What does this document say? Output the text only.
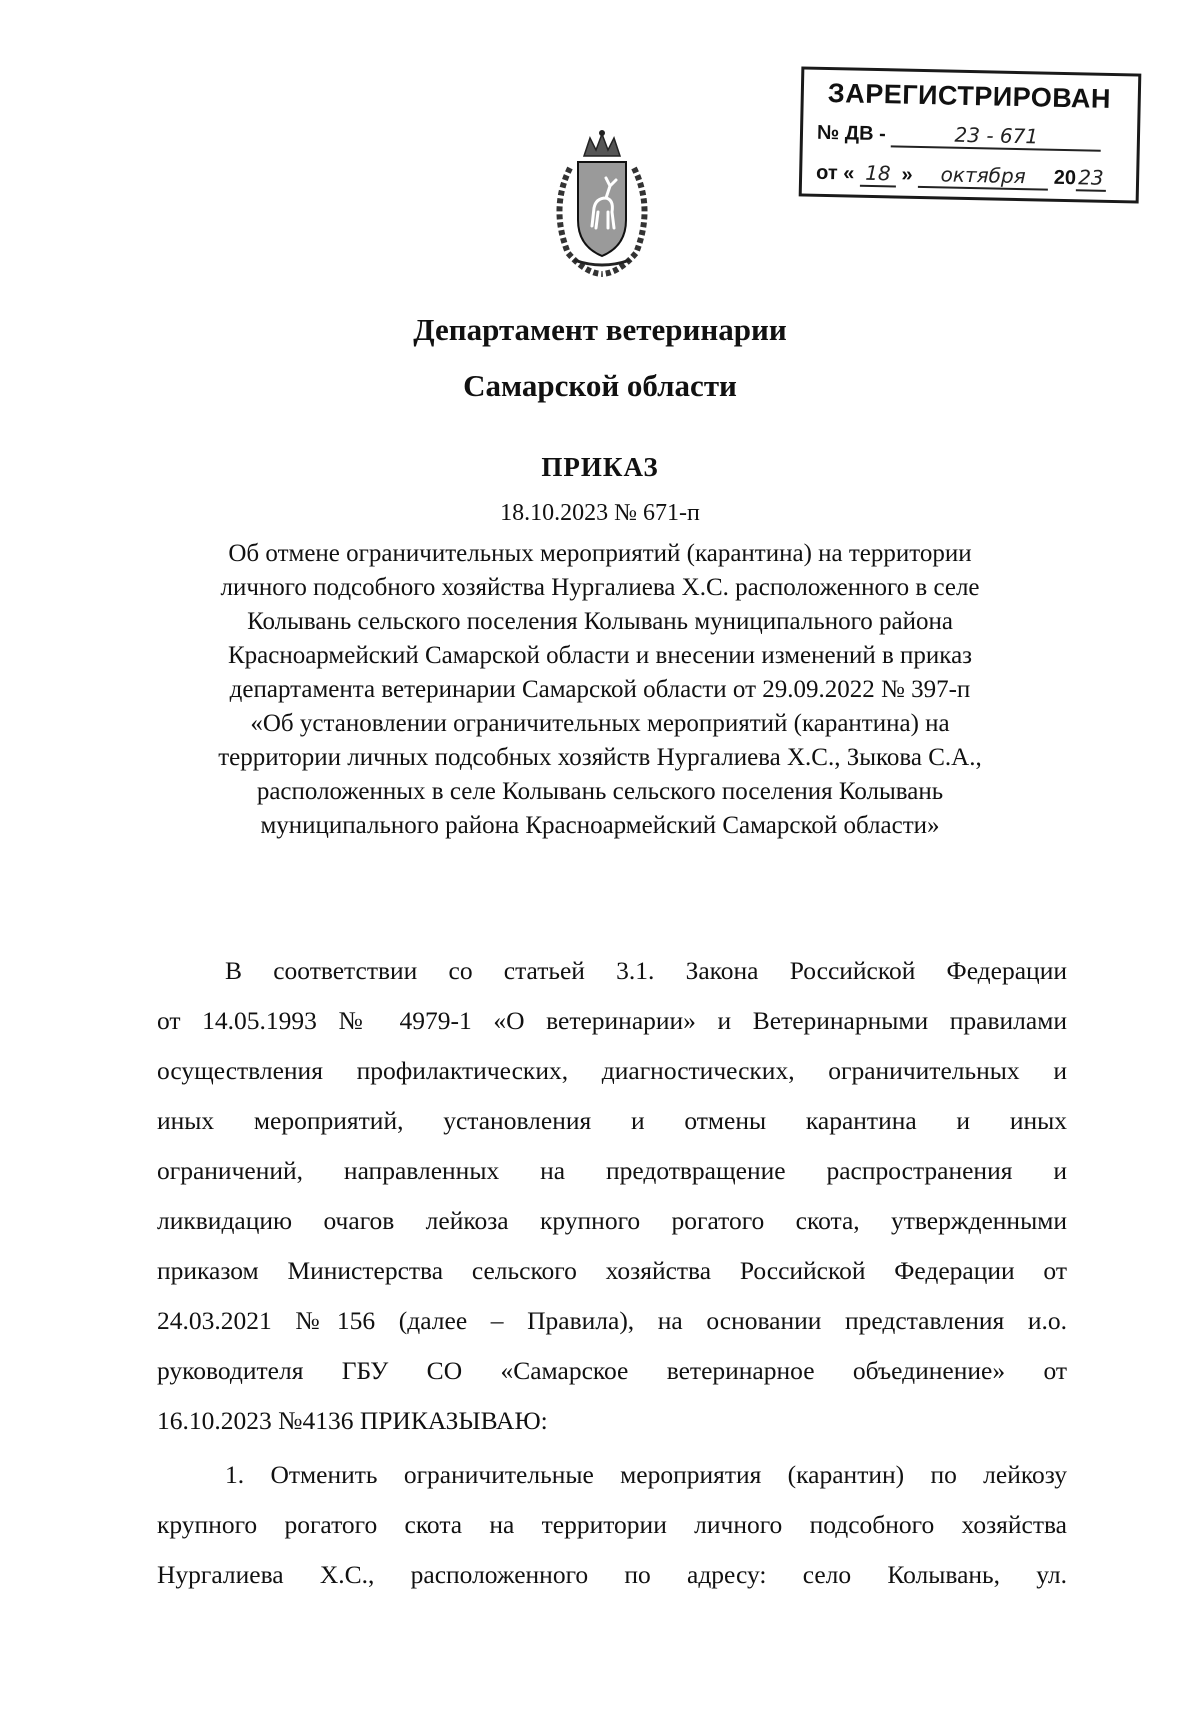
ЗАРЕГИСТРИРОВАН
№ ДВ -	23 - 671
от « 18 » октября 2023
Департамент ветеринарии
Самарской области
ПРИКАЗ
18.10.2023 № 671-п
Об отмене ограничительных мероприятий (карантина) на территории
личного подсобного хозяйства Нургалиева Х.С. расположенного в селе
Колывань сельского поселения Колывань муниципального района
Красноармейский Самарской области и внесении изменений в приказ
департамента ветеринарии Самарской области от 29.09.2022 № 397-п
«Об установлении ограничительных мероприятий (карантина) на
территории личных подсобных хозяйств Нургалиева Х.С., Зыкова С.А.,
расположенных в селе Колывань сельского поселения Колывань
муниципального района Красноармейский Самарской области»
В соответствии со статьей 3.1. Закона Российской Федерации
от 14.05.1993 № 4979-1 «О ветеринарии» и Ветеринарными правилами
осуществления профилактических, диагностических, ограничительных и
иных мероприятий, установления и отмены карантина и иных
ограничений, направленных на предотвращение распространения и
ликвидацию очагов лейкоза крупного рогатого скота, утвержденными
приказом Министерства сельского хозяйства Российской Федерации от
24.03.2021 №156 (далее – Правила), на основании представления и.о.
руководителя ГБУ СО «Самарское ветеринарное объединение» от
16.10.2023 №4136 ПРИКАЗЫВАЮ:
1. Отменить ограничительные мероприятия (карантин) по лейкозу
крупного рогатого скота на территории личного подсобного хозяйства
Нургалиева Х.С., расположенного по адресу: село Колывань, ул.
